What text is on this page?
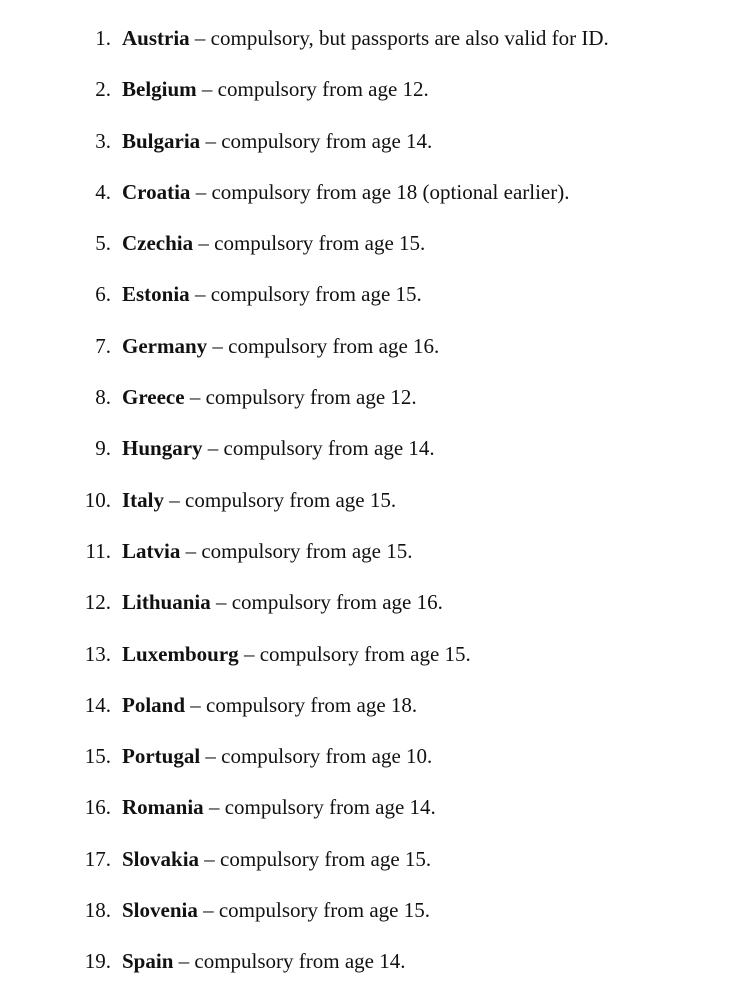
1. Austria – compulsory, but passports are also valid for ID.
2. Belgium – compulsory from age 12.
3. Bulgaria – compulsory from age 14.
4. Croatia – compulsory from age 18 (optional earlier).
5. Czechia – compulsory from age 15.
6. Estonia – compulsory from age 15.
7. Germany – compulsory from age 16.
8. Greece – compulsory from age 12.
9. Hungary – compulsory from age 14.
10. Italy – compulsory from age 15.
11. Latvia – compulsory from age 15.
12. Lithuania – compulsory from age 16.
13. Luxembourg – compulsory from age 15.
14. Poland – compulsory from age 18.
15. Portugal – compulsory from age 10.
16. Romania – compulsory from age 14.
17. Slovakia – compulsory from age 15.
18. Slovenia – compulsory from age 15.
19. Spain – compulsory from age 14.
